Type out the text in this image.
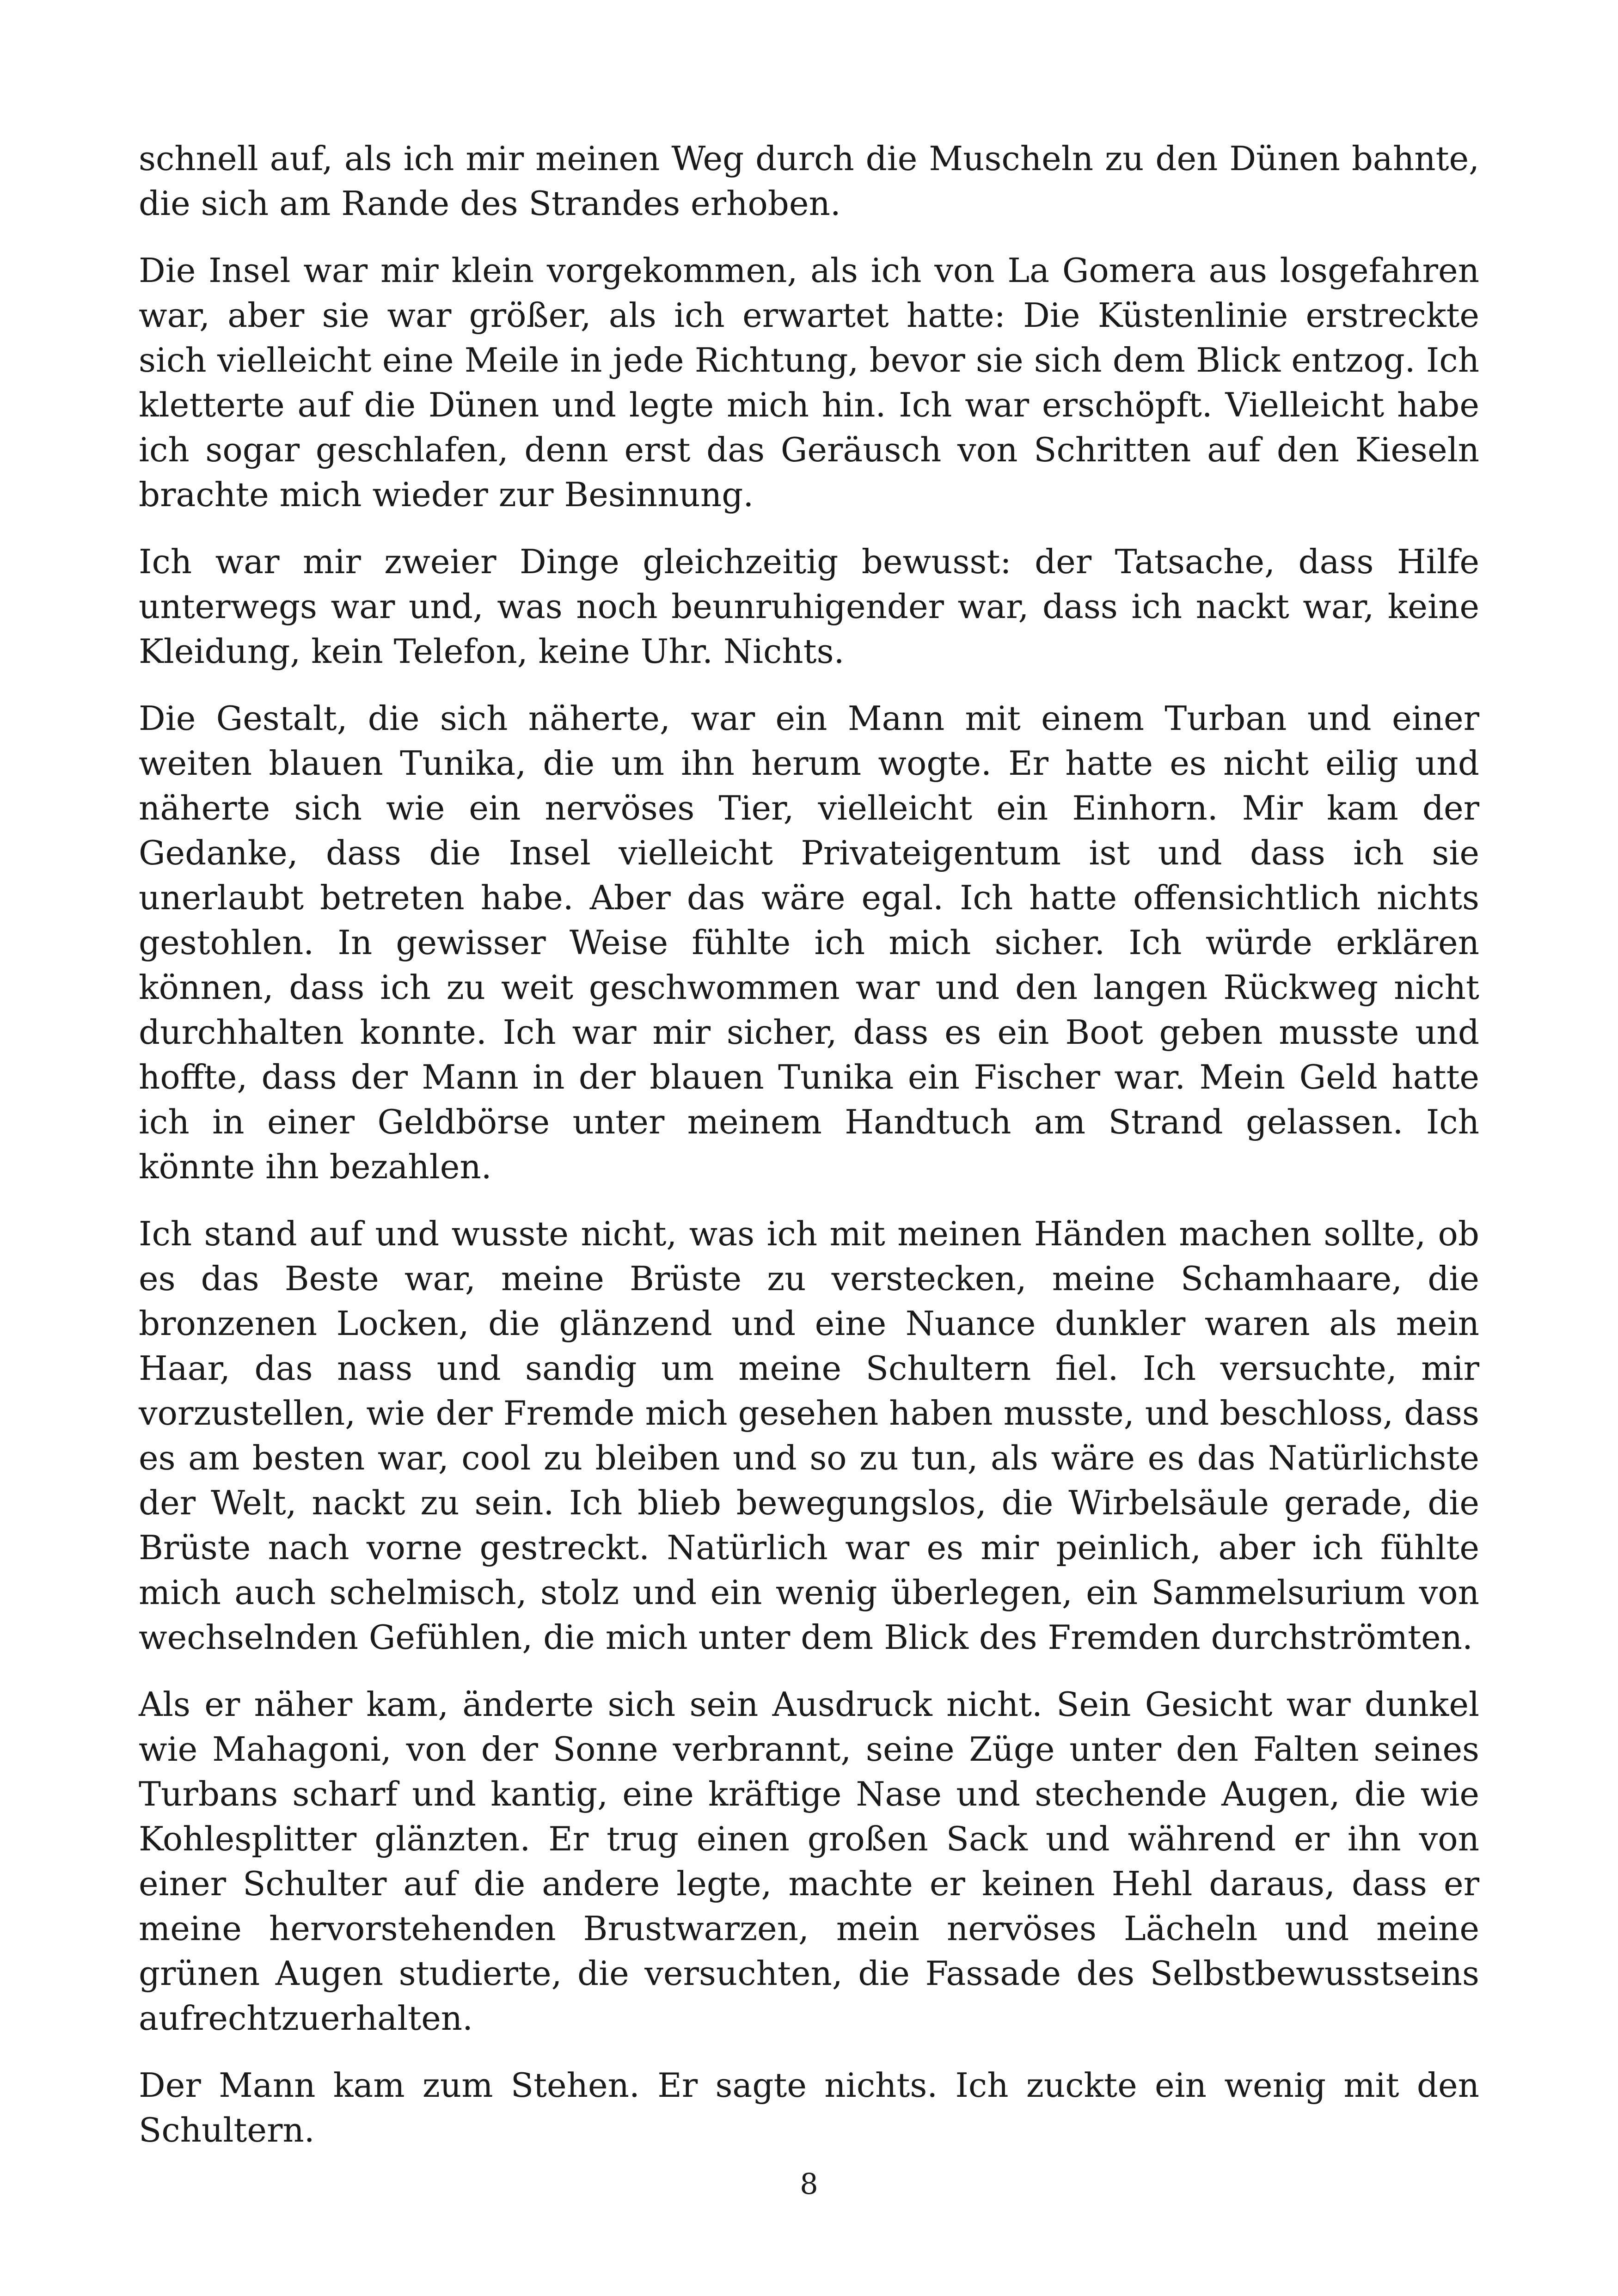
schnell auf, als ich mir meinen Weg durch die Muscheln zu den Dünen bahnte, die sich am Rande des Strandes erhoben.

Die Insel war mir klein vorgekommen, als ich von La Gomera aus losgefahren war, aber sie war größer, als ich erwartet hatte: Die Küstenlinie erstreckte sich vielleicht eine Meile in jede Richtung, bevor sie sich dem Blick entzog. Ich kletterte auf die Dünen und legte mich hin. Ich war erschöpft. Vielleicht habe ich sogar geschlafen, denn erst das Geräusch von Schritten auf den Kieseln brachte mich wieder zur Besinnung.

Ich war mir zweier Dinge gleichzeitig bewusst: der Tatsache, dass Hilfe unterwegs war und, was noch beunruhigender war, dass ich nackt war, keine Kleidung, kein Telefon, keine Uhr. Nichts.

Die Gestalt, die sich näherte, war ein Mann mit einem Turban und einer weiten blauen Tunika, die um ihn herum wogte. Er hatte es nicht eilig und näherte sich wie ein nervöses Tier, vielleicht ein Einhorn. Mir kam der Gedanke, dass die Insel vielleicht Privateigentum ist und dass ich sie unerlaubt betreten habe. Aber das wäre egal. Ich hatte offensichtlich nichts gestohlen. In gewisser Weise fühlte ich mich sicher. Ich würde erklären können, dass ich zu weit geschwommen war und den langen Rückweg nicht durchhalten konnte. Ich war mir sicher, dass es ein Boot geben musste und hoffte, dass der Mann in der blauen Tunika ein Fischer war. Mein Geld hatte ich in einer Geldbörse unter meinem Handtuch am Strand gelassen. Ich könnte ihn bezahlen.

Ich stand auf und wusste nicht, was ich mit meinen Händen machen sollte, ob es das Beste war, meine Brüste zu verstecken, meine Schamhaare, die bronzenen Locken, die glänzend und eine Nuance dunkler waren als mein Haar, das nass und sandig um meine Schultern fiel. Ich versuchte, mir vorzustellen, wie der Fremde mich gesehen haben musste, und beschloss, dass es am besten war, cool zu bleiben und so zu tun, als wäre es das Natürlichste der Welt, nackt zu sein. Ich blieb bewegungslos, die Wirbelsäule gerade, die Brüste nach vorne gestreckt. Natürlich war es mir peinlich, aber ich fühlte mich auch schelmisch, stolz und ein wenig überlegen, ein Sammelsurium von wechselnden Gefühlen, die mich unter dem Blick des Fremden durchströmten.

Als er näher kam, änderte sich sein Ausdruck nicht. Sein Gesicht war dunkel wie Mahagoni, von der Sonne verbrannt, seine Züge unter den Falten seines Turbans scharf und kantig, eine kräftige Nase und stechende Augen, die wie Kohlesplitter glänzten. Er trug einen großen Sack und während er ihn von einer Schulter auf die andere legte, machte er keinen Hehl daraus, dass er meine hervorstehenden Brustwarzen, mein nervöses Lächeln und meine grünen Augen studierte, die versuchten, die Fassade des Selbstbewusstseins aufrechtzuerhalten.

Der Mann kam zum Stehen. Er sagte nichts. Ich zuckte ein wenig mit den Schultern.

8
